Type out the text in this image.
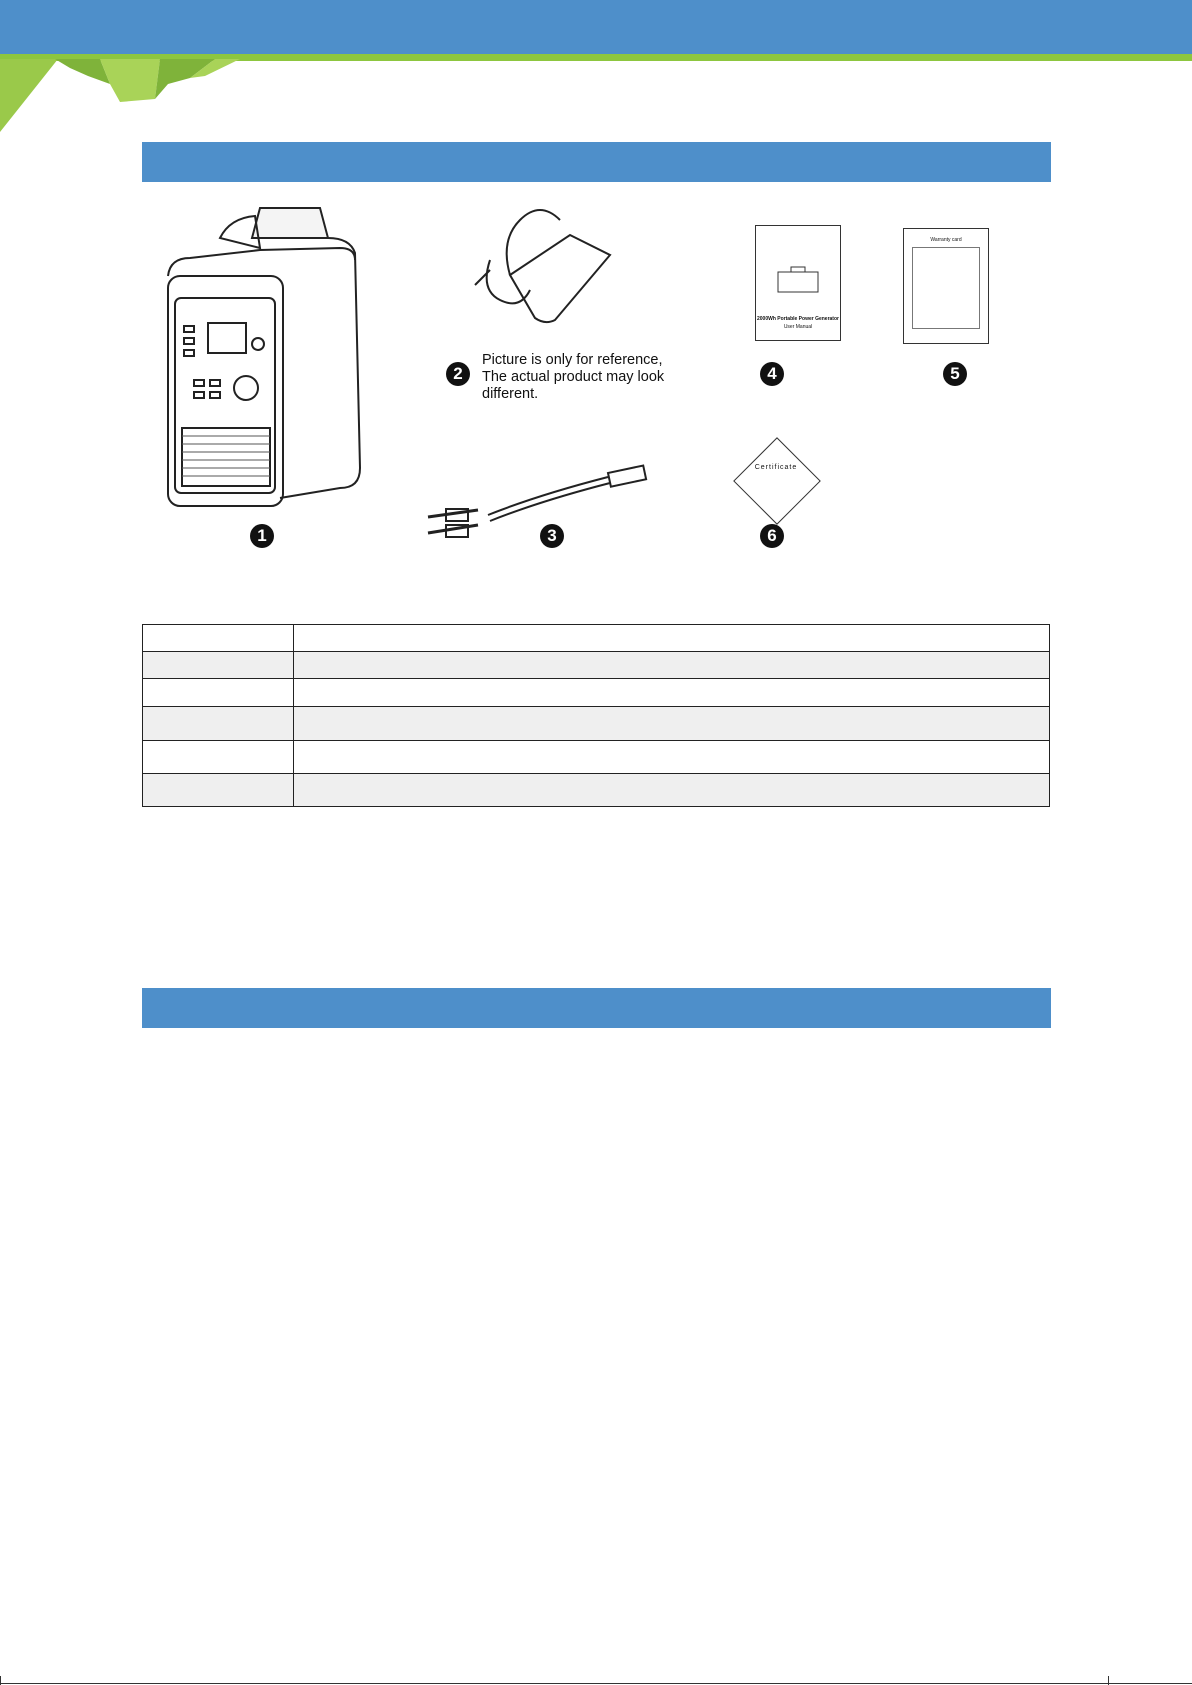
1
2
Picture is only for reference,
The actual product may look
different.
3
2000Wh Portable Power Generator
User Manual
4
Warranty card
5
Certificate
6
